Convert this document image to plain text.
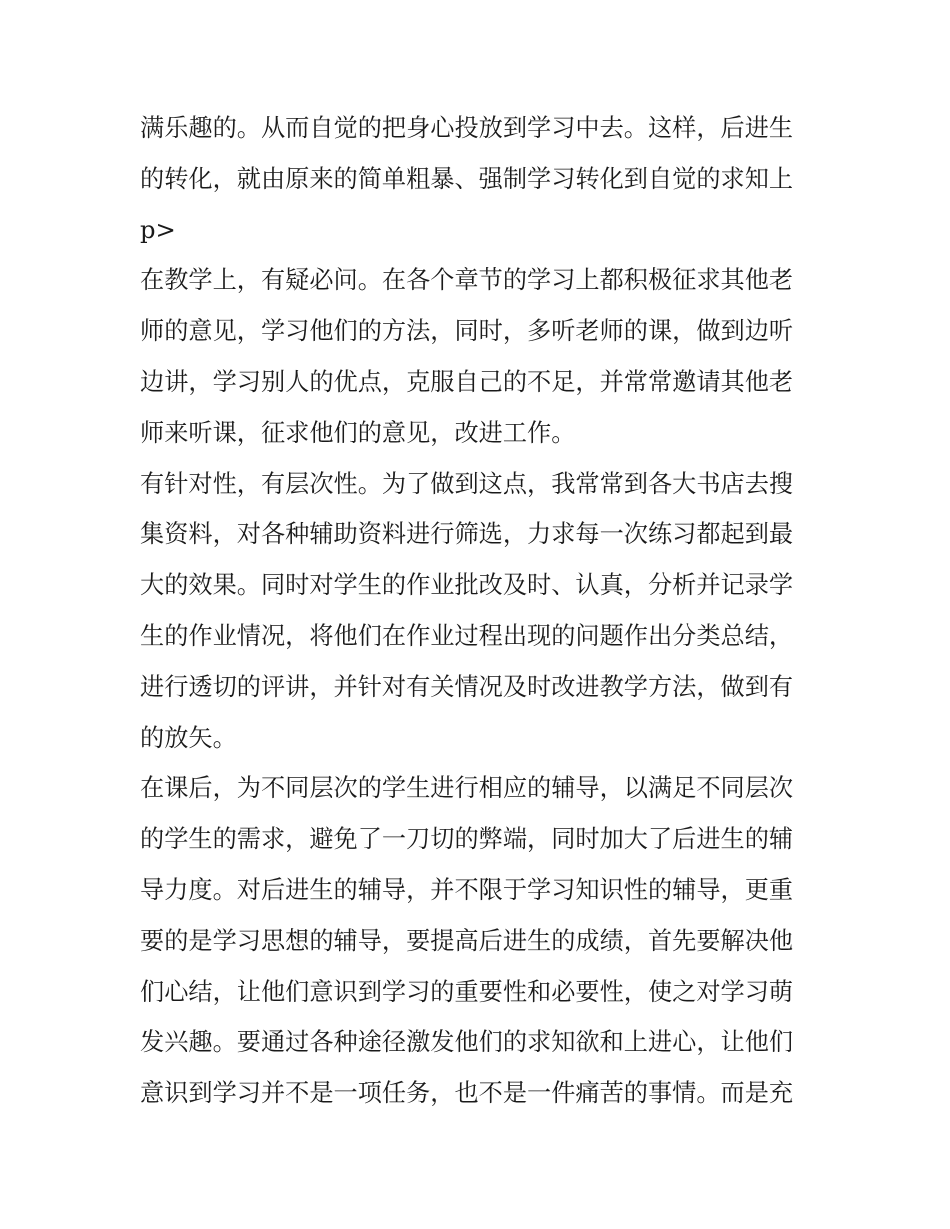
满乐趣的。从而自觉的把身心投放到学习中去。这样，后进生
的转化，就由原来的简单粗暴、强制学习转化到自觉的求知上
p>
在教学上，有疑必问。在各个章节的学习上都积极征求其他老
师的意见，学习他们的方法，同时，多听老师的课，做到边听
边讲，学习别人的优点，克服自己的不足，并常常邀请其他老
师来听课，征求他们的意见，改进工作。
有针对性，有层次性。为了做到这点，我常常到各大书店去搜
集资料，对各种辅助资料进行筛选，力求每一次练习都起到最
大的效果。同时对学生的作业批改及时、认真，分析并记录学
生的作业情况，将他们在作业过程出现的问题作出分类总结，
进行透切的评讲，并针对有关情况及时改进教学方法，做到有
的放矢。
在课后，为不同层次的学生进行相应的辅导，以满足不同层次
的学生的需求，避免了一刀切的弊端，同时加大了后进生的辅
导力度。对后进生的辅导，并不限于学习知识性的辅导，更重
要的是学习思想的辅导，要提高后进生的成绩，首先要解决他
们心结，让他们意识到学习的重要性和必要性，使之对学习萌
发兴趣。要通过各种途径激发他们的求知欲和上进心，让他们
意识到学习并不是一项任务，也不是一件痛苦的事情。而是充
